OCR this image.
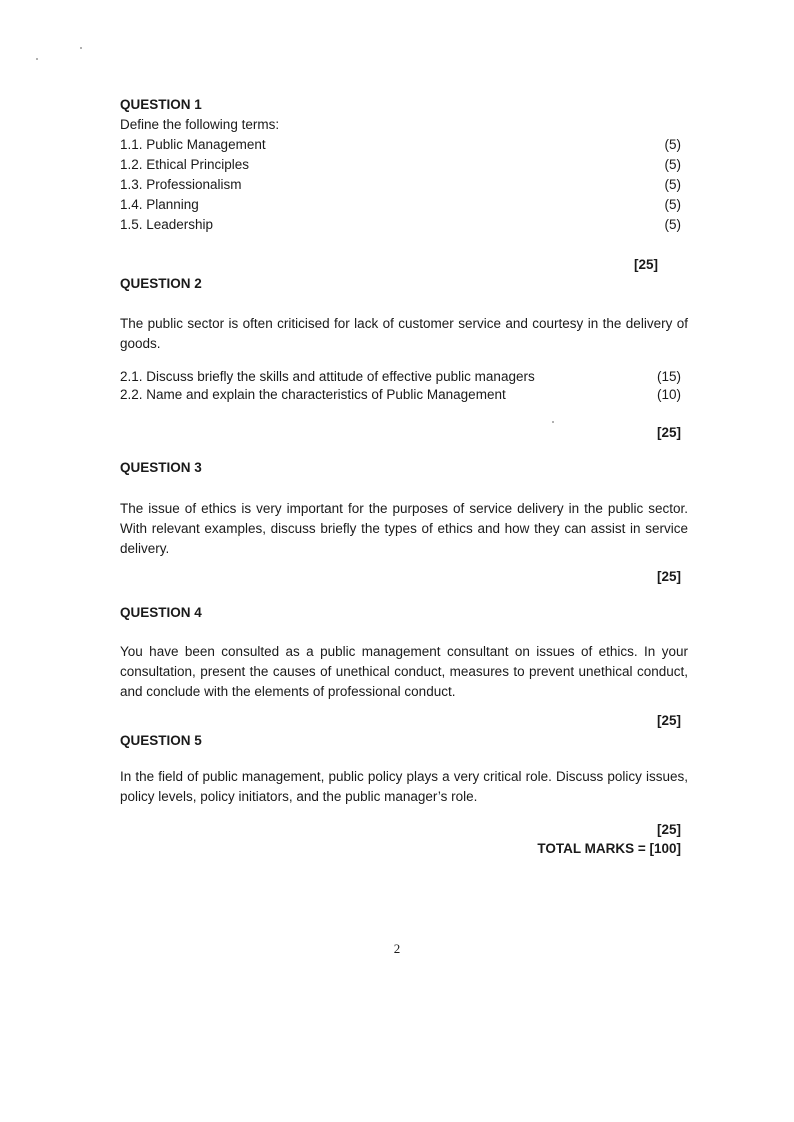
QUESTION 1
Define the following terms:
1.1. Public Management	(5)
1.2. Ethical Principles	(5)
1.3. Professionalism	(5)
1.4. Planning	(5)
1.5. Leadership	(5)
[25]
QUESTION 2
The public sector is often criticised for lack of customer service and courtesy in the delivery of goods.
2.1. Discuss briefly the skills and attitude of effective public managers	(15)
2.2. Name and explain the characteristics of Public Management	(10)
[25]
QUESTION 3
The issue of ethics is very important for the purposes of service delivery in the public sector. With relevant examples, discuss briefly the types of ethics and how they can assist in service delivery.
[25]
QUESTION 4
You have been consulted as a public management consultant on issues of ethics. In your consultation, present the causes of unethical conduct, measures to prevent unethical conduct, and conclude with the elements of professional conduct.
[25]
QUESTION 5
In the field of public management, public policy plays a very critical role. Discuss policy issues, policy levels, policy initiators, and the public manager’s role.
[25]
TOTAL MARKS = [100]
2
